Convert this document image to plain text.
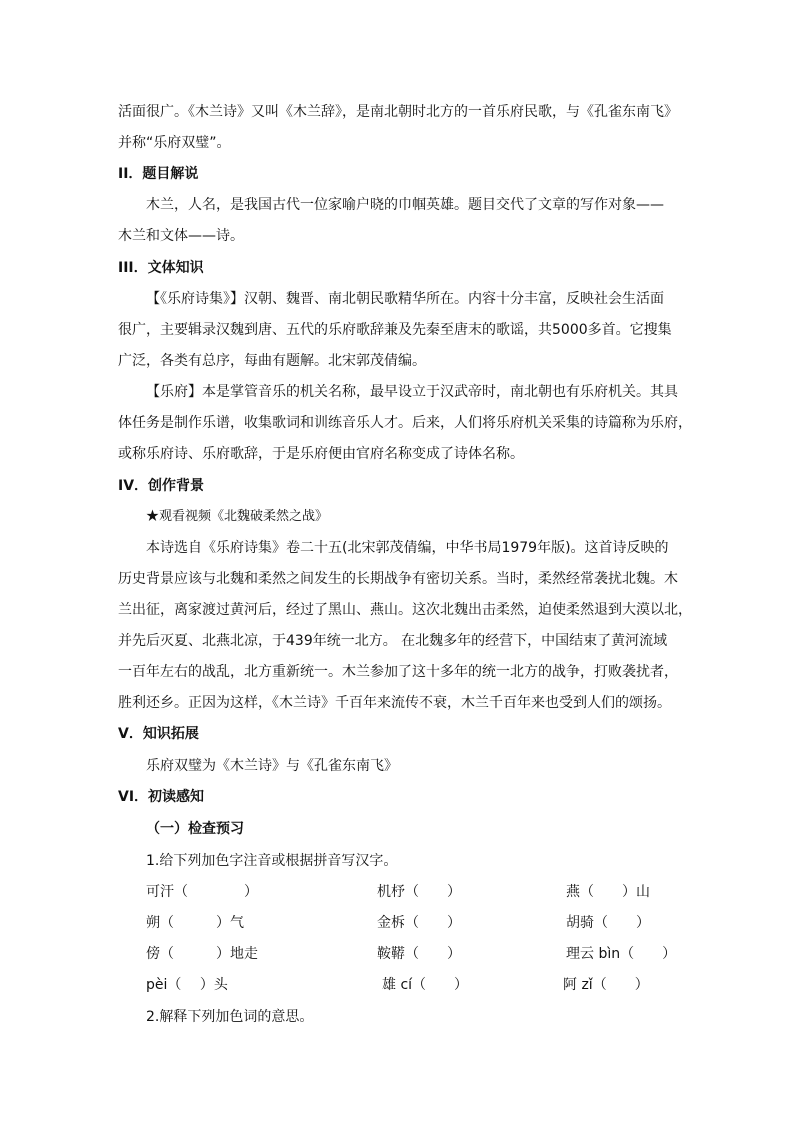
活面很广。《木兰诗》又叫《木兰辞》，是南北朝时北方的一首乐府民歌，与《孔雀东南飞》
并称“乐府双璧”。
II．题目解说
木兰，人名，是我国古代一位家喻户晓的巾帼英雄。题目交代了文章的写作对象——
木兰和文体——诗。
III．文体知识
【《乐府诗集》】汉朝、魏晋、南北朝民歌精华所在。内容十分丰富，反映社会生活面
很广，主要辑录汉魏到唐、五代的乐府歌辞兼及先秦至唐末的歌谣，共5000多首。它搜集
广泛，各类有总序，每曲有题解。北宋郭茂倩编。
【乐府】本是掌管音乐的机关名称，最早设立于汉武帝时，南北朝也有乐府机关。其具
体任务是制作乐谱，收集歌词和训练音乐人才。后来，人们将乐府机关采集的诗篇称为乐府，
或称乐府诗、乐府歌辞，于是乐府便由官府名称变成了诗体名称。
IV．创作背景
★观看视频《北魏破柔然之战》
本诗选自《乐府诗集》卷二十五(北宋郭茂倩编，中华书局1979年版)。这首诗反映的
历史背景应该与北魏和柔然之间发生的长期战争有密切关系。当时，柔然经常袭扰北魏。木
兰出征，离家渡过黄河后，经过了黑山、燕山。这次北魏出击柔然，迫使柔然退到大漠以北，
并先后灭夏、北燕北凉，于439年统一北方。 在北魏多年的经营下，中国结束了黄河流域
一百年左右的战乱，北方重新统一。木兰参加了这十多年的统一北方的战争，打败袭扰者，
胜利还乡。正因为这样，《木兰诗》千百年来流传不衰，木兰千百年来也受到人们的颂扬。
V．知识拓展
乐府双璧为《木兰诗》与《孔雀东南飞》
VI．初读感知
（一）检查预习
1.给下列加色字注音或根据拼音写汉字。
可汗（　　　　）	机杼（　　）	燕（　　）山
朔（　　　）气	金柝（　　）	胡骑（　　）
傍（　　　）地走	鞍鞯（　　）	理云 bìn（　　）
pèi（　 ）头	雄 cí（　　）	阿 zǐ（　　）
2.解释下列加色词的意思。
